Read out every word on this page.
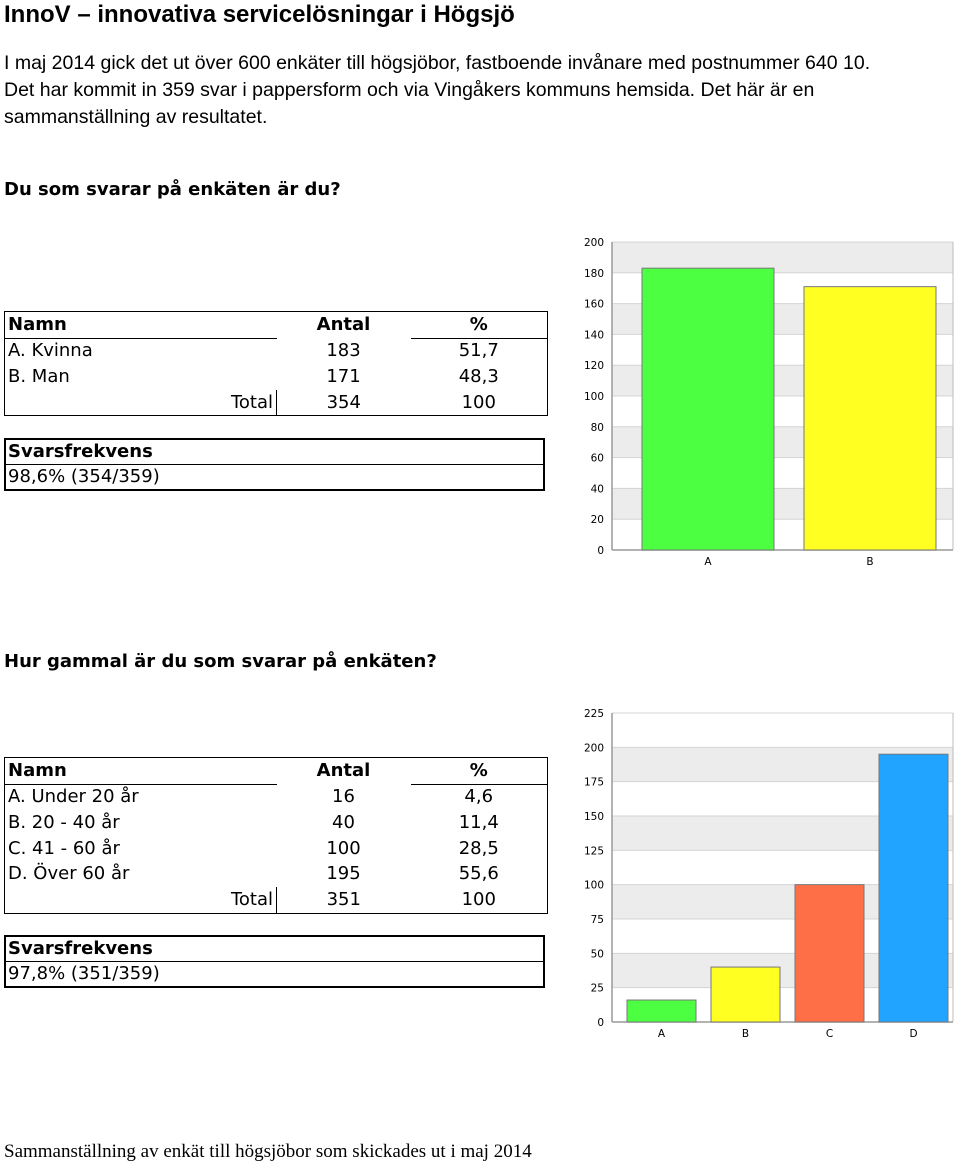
InnoV – innovativa servicelösningar i Högsjö
I maj 2014 gick det ut över 600 enkäter till högsjöbor, fastboende invånare med postnummer 640 10. Det har kommit in 359 svar i pappersform och via Vingåkers kommuns hemsida. Det här är en sammanställning av resultatet.
Du som svarar på enkäten är du?
Namn	Antal	%
A. Kvinna	183	51,7
B. Man	171	48,3
Total	354	100
Svarsfrekvens
98,6% (354/359)
0
20
40
60
80
100
120
140
160
180
200
A	B
Hur gammal är du som svarar på enkäten?
Namn	Antal	%
A. Under 20 år	16	4,6
B. 20 - 40 år	40	11,4
C. 41 - 60 år	100	28,5
D. Över 60 år	195	55,6
Total	351	100
Svarsfrekvens
97,8% (351/359)
0
25
50
75
100
125
150
175
200
225
A	B	C	D
Sammanställning av enkät till högsjöbor som skickades ut i maj 2014
